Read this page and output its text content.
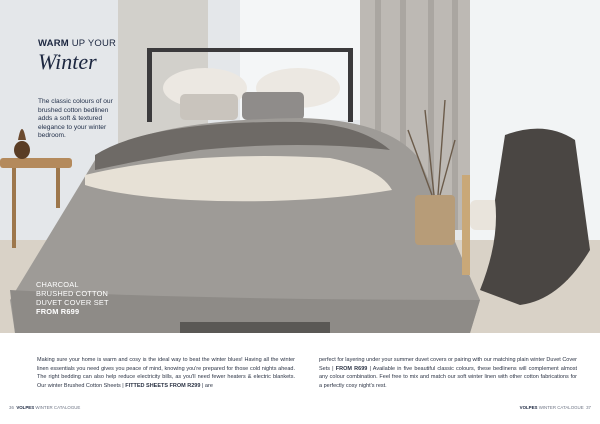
WARM UP YOUR
Winter
The classic colours of our brushed cotton bedlinen adds a soft & textured elegance to your winter bedroom.
CHARCOAL
BRUSHED COTTON
DUVET COVER SET
FROM R699
Making sure your home is warm and cosy is the ideal way to beat the winter blues! Having all the winter linen essentials you need gives you peace of mind, knowing you're prepared for those cold nights ahead. The right bedding can also help reduce electricity bills, as you'll need fewer heaters & electric blankets. Our winter Brushed Cotton Sheets | FITTED SHEETS FROM R299 | are
perfect for layering under your summer duvet covers or pairing with our matching plain winter Duvet Cover Sets | FROM R699 | Available in five beautiful classic colours, these bedlinens will complement almost any colour combination. Feel free to mix and match our soft winter linen with other cotton fabrications for a perfectly cosy night's rest.
36 VOLPES WINTER CATALOGUE	VOLPES WINTER CATALOGUE 37
